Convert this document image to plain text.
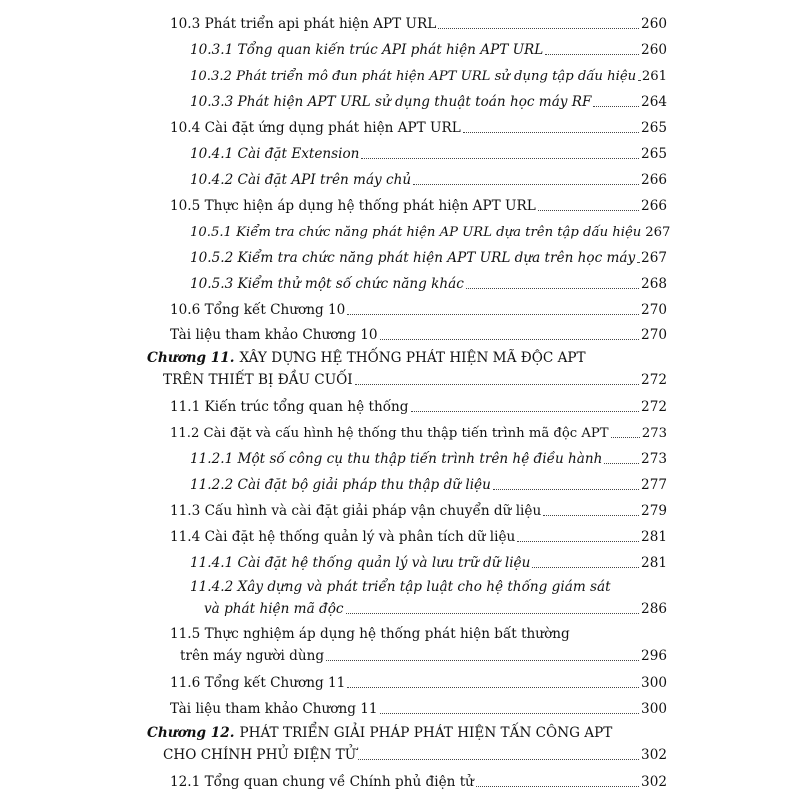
10.3 Phát triển api phát hiện APT URL	260
10.3.1 Tổng quan kiến trúc API phát hiện APT URL	260
10.3.2 Phát triển mô đun phát hiện APT URL sử dụng tập dấu hiệu 261
10.3.3 Phát hiện APT URL sử dụng thuật toán học máy RF	264
10.4 Cài đặt ứng dụng phát hiện APT URL	265
10.4.1 Cài đặt Extension	265
10.4.2 Cài đặt API trên máy chủ	266
10.5 Thực hiện áp dụng hệ thống phát hiện APT URL	266
10.5.1 Kiểm tra chức năng phát hiện AP URL dựa trên tập dấu hiệu 267
10.5.2 Kiểm tra chức năng phát hiện APT URL dựa trên học máy 267
10.5.3 Kiểm thử một số chức năng khác	268
10.6 Tổng kết Chương 10	270
Tài liệu tham khảo Chương 10	270
Chương 11. XÂY DỰNG HỆ THỐNG PHÁT HIỆN MÃ ĐỘC APT
TRÊN THIẾT BỊ ĐẦU CUỐI	272
11.1 Kiến trúc tổng quan hệ thống	272
11.2 Cài đặt và cấu hình hệ thống thu thập tiến trình mã độc APT	273
11.2.1 Một số công cụ thu thập tiến trình trên hệ điều hành	273
11.2.2 Cài đặt bộ giải pháp thu thập dữ liệu	277
11.3 Cấu hình và cài đặt giải pháp vận chuyển dữ liệu	279
11.4 Cài đặt hệ thống quản lý và phân tích dữ liệu	281
11.4.1 Cài đặt hệ thống quản lý và lưu trữ dữ liệu	281
11.4.2 Xây dựng và phát triển tập luật cho hệ thống giám sát
và phát hiện mã độc	286
11.5 Thực nghiệm áp dụng hệ thống phát hiện bất thường
trên máy người dùng	296
11.6 Tổng kết Chương 11	300
Tài liệu tham khảo Chương 11	300
Chương 12. PHÁT TRIỂN GIẢI PHÁP PHÁT HIỆN TẤN CÔNG APT
CHO CHÍNH PHỦ ĐIỆN TỬ	302
12.1 Tổng quan chung về Chính phủ điện tử	302
